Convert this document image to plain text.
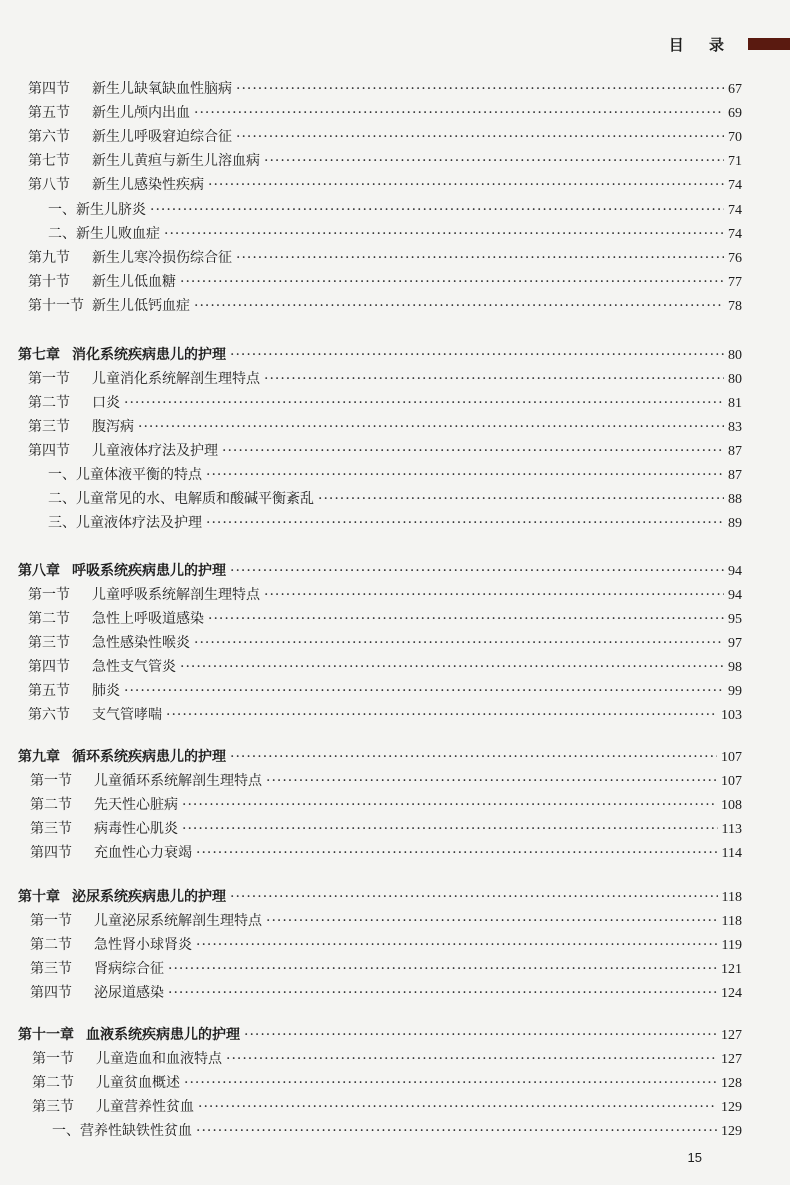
目 录
第四节 新生儿缺氧缺血性脑病 ·····	67
第五节 新生儿颅内出血 ·····	69
第六节 新生儿呼吸窘迫综合征 ·····	70
第七节 新生儿黄疸与新生儿溶血病 ·····	71
第八节 新生儿感染性疾病 ·····	74
一、新生儿脐炎 ·····	74
二、新生儿败血症 ·····	74
第九节 新生儿寒冷损伤综合征 ·····	76
第十节 新生儿低血糖 ·····	77
第十一节 新生儿低钙血症 ·····	78
第七章 消化系统疾病患儿的护理 ·····	80
第一节 儿童消化系统解剖生理特点 ·····	80
第二节 口炎 ·····	81
第三节 腹泻病 ·····	83
第四节 儿童液体疗法及护理 ·····	87
一、儿童体液平衡的特点 ·····	87
二、儿童常见的水、电解质和酸碱平衡紊乱 ·····	88
三、儿童液体疗法及护理 ·····	89
第八章 呼吸系统疾病患儿的护理 ·····	94
第一节 儿童呼吸系统解剖生理特点 ·····	94
第二节 急性上呼吸道感染 ·····	95
第三节 急性感染性喉炎 ·····	97
第四节 急性支气管炎 ·····	98
第五节 肺炎 ·····	99
第六节 支气管哮喘 ·····	103
第九章 循环系统疾病患儿的护理 ·····	107
第一节 儿童循环系统解剖生理特点 ·····	107
第二节 先天性心脏病 ·····	108
第三节 病毒性心肌炎 ·····	113
第四节 充血性心力衰竭 ·····	114
第十章 泌尿系统疾病患儿的护理 ·····	118
第一节 儿童泌尿系统解剖生理特点 ·····	118
第二节 急性肾小球肾炎 ·····	119
第三节 肾病综合征 ·····	121
第四节 泌尿道感染 ·····	124
第十一章 血液系统疾病患儿的护理 ·····	127
第一节 儿童造血和血液特点 ·····	127
第二节 儿童贫血概述 ·····	128
第三节 儿童营养性贫血 ·····	129
一、营养性缺铁性贫血 ·····	129
15
